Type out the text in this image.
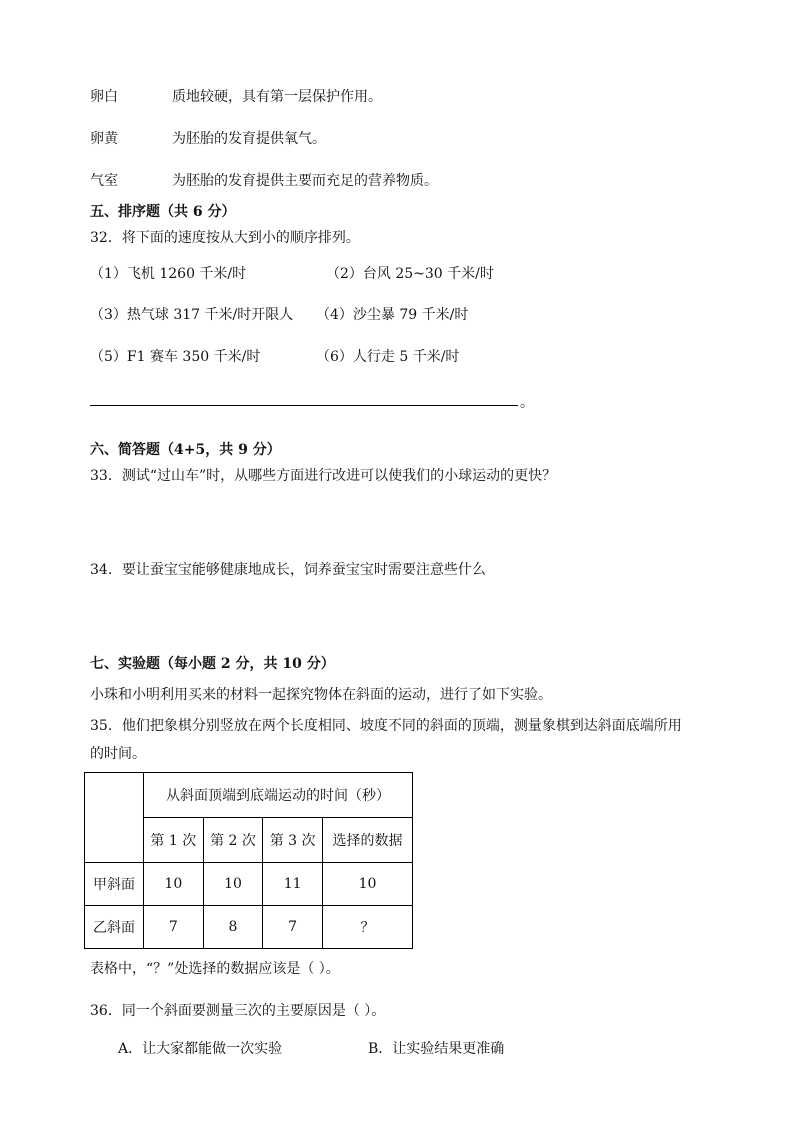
卵白	质地较硬，具有第一层保护作用。
卵黄	为胚胎的发育提供氧气。
气室	为胚胎的发育提供主要而充足的营养物质。
五、排序题（共 6 分）
32．将下面的速度按从大到小的顺序排列。
（1）飞机 1260 千米/时	（2）台风 25~30 千米/时
（3）热气球 317 千米/时开限人 （4）沙尘暴 79 千米/时
（5）F1 赛车 350 千米/时	（6）人行走 5 千米/时
。
六、简答题（4+5，共 9 分）
33．测试“过山车”时，从哪些方面进行改进可以使我们的小球运动的更快？
34．要让蚕宝宝能够健康地成长，饲养蚕宝宝时需要注意些什么
七、实验题（每小题 2 分，共 10 分）
小珠和小明利用买来的材料一起探究物体在斜面的运动，进行了如下实验。
35．他们把象棋分别竖放在两个长度相同、坡度不同的斜面的顶端，测量象棋到达斜面底端所用
的时间。
	从斜面顶端到底端运动的时间（秒）			
	第 1 次	第 2 次	第 3 次	选择的数据
甲斜面	10	10	11	10
乙斜面	7	8	7	？
表格中，“？”处选择的数据应该是（ ）。
36．同一个斜面要测量三次的主要原因是（ ）。
A．让大家都能做一次实验	B．让实验结果更准确
